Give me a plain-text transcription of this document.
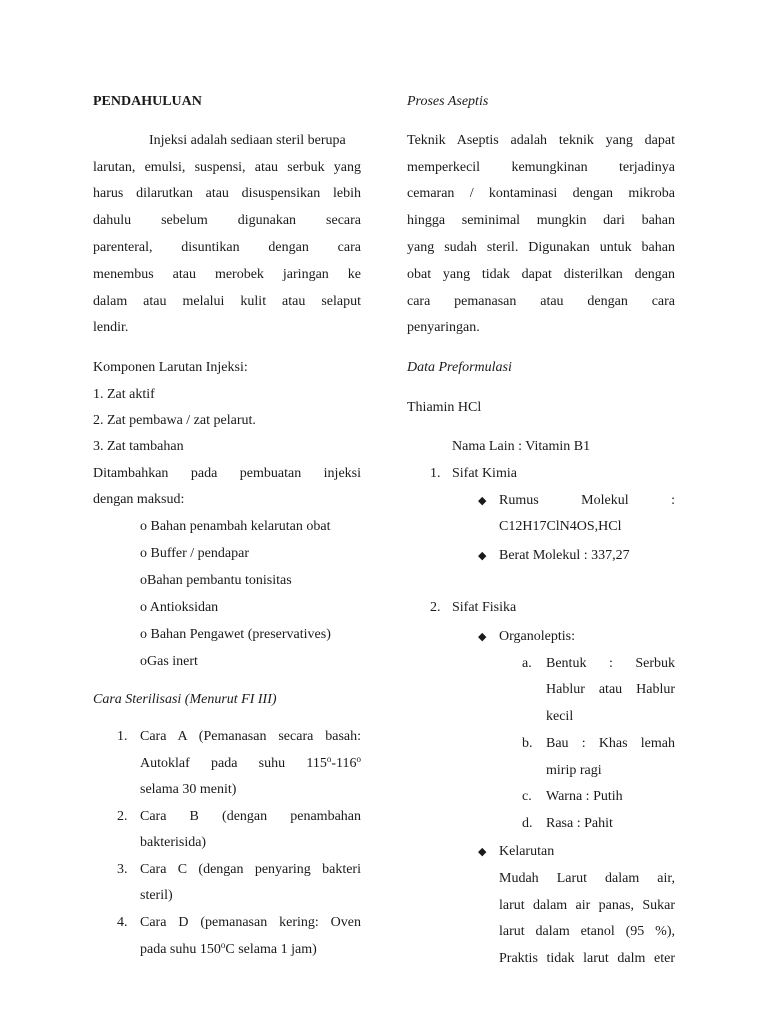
PENDAHULUAN
Injeksi adalah sediaan steril berupa
larutan, emulsi, suspensi, atau serbuk yang
harus dilarutkan atau disuspensikan lebih
dahulu sebelum digunakan secara
parenteral, disuntikan dengan cara
menembus atau merobek jaringan ke
dalam atau melalui kulit atau selaput
lendir.
Komponen Larutan Injeksi:
1. Zat aktif
2. Zat pembawa / zat pelarut.
3. Zat tambahan
Ditambahkan pada pembuatan injeksi
dengan maksud:
o Bahan penambah kelarutan obat
o Buffer / pendapar
oBahan pembantu tonisitas
o Antioksidan
o Bahan Pengawet (preservatives)
oGas inert
Cara Sterilisasi (Menurut FI III)
1. Cara A (Pemanasan secara basah:
Autoklaf pada suhu 115$^o$-116$^o$
selama 30 menit)
2. Cara B (dengan penambahan
bakterisida)
3. Cara C (dengan penyaring bakteri
steril)
4. Cara D (pemanasan kering: Oven
pada suhu 150$^o$C selama 1 jam)
Proses Aseptis
Teknik Aseptis adalah teknik yang dapat
memperkecil kemungkinan terjadinya
cemaran / kontaminasi dengan mikroba
hingga seminimal mungkin dari bahan
yang sudah steril. Digunakan untuk bahan
obat yang tidak dapat disterilkan dengan
cara pemanasan atau dengan cara
penyaringan.
Data Preformulasi
Thiamin HCl
Nama Lain : Vitamin B1
1. Sifat Kimia
◆ Rumus Molekul :
C12H17ClN4OS,HCl
◆ Berat Molekul : 337,27
2. Sifat Fisika
◆ Organoleptis:
a. Bentuk : Serbuk
Hablur atau Hablur
kecil
b. Bau : Khas lemah
mirip ragi
c. Warna : Putih
d. Rasa : Pahit
◆ Kelarutan
Mudah Larut dalam air,
larut dalam air panas, Sukar
larut dalam etanol (95 %),
Praktis tidak larut dalm eter
